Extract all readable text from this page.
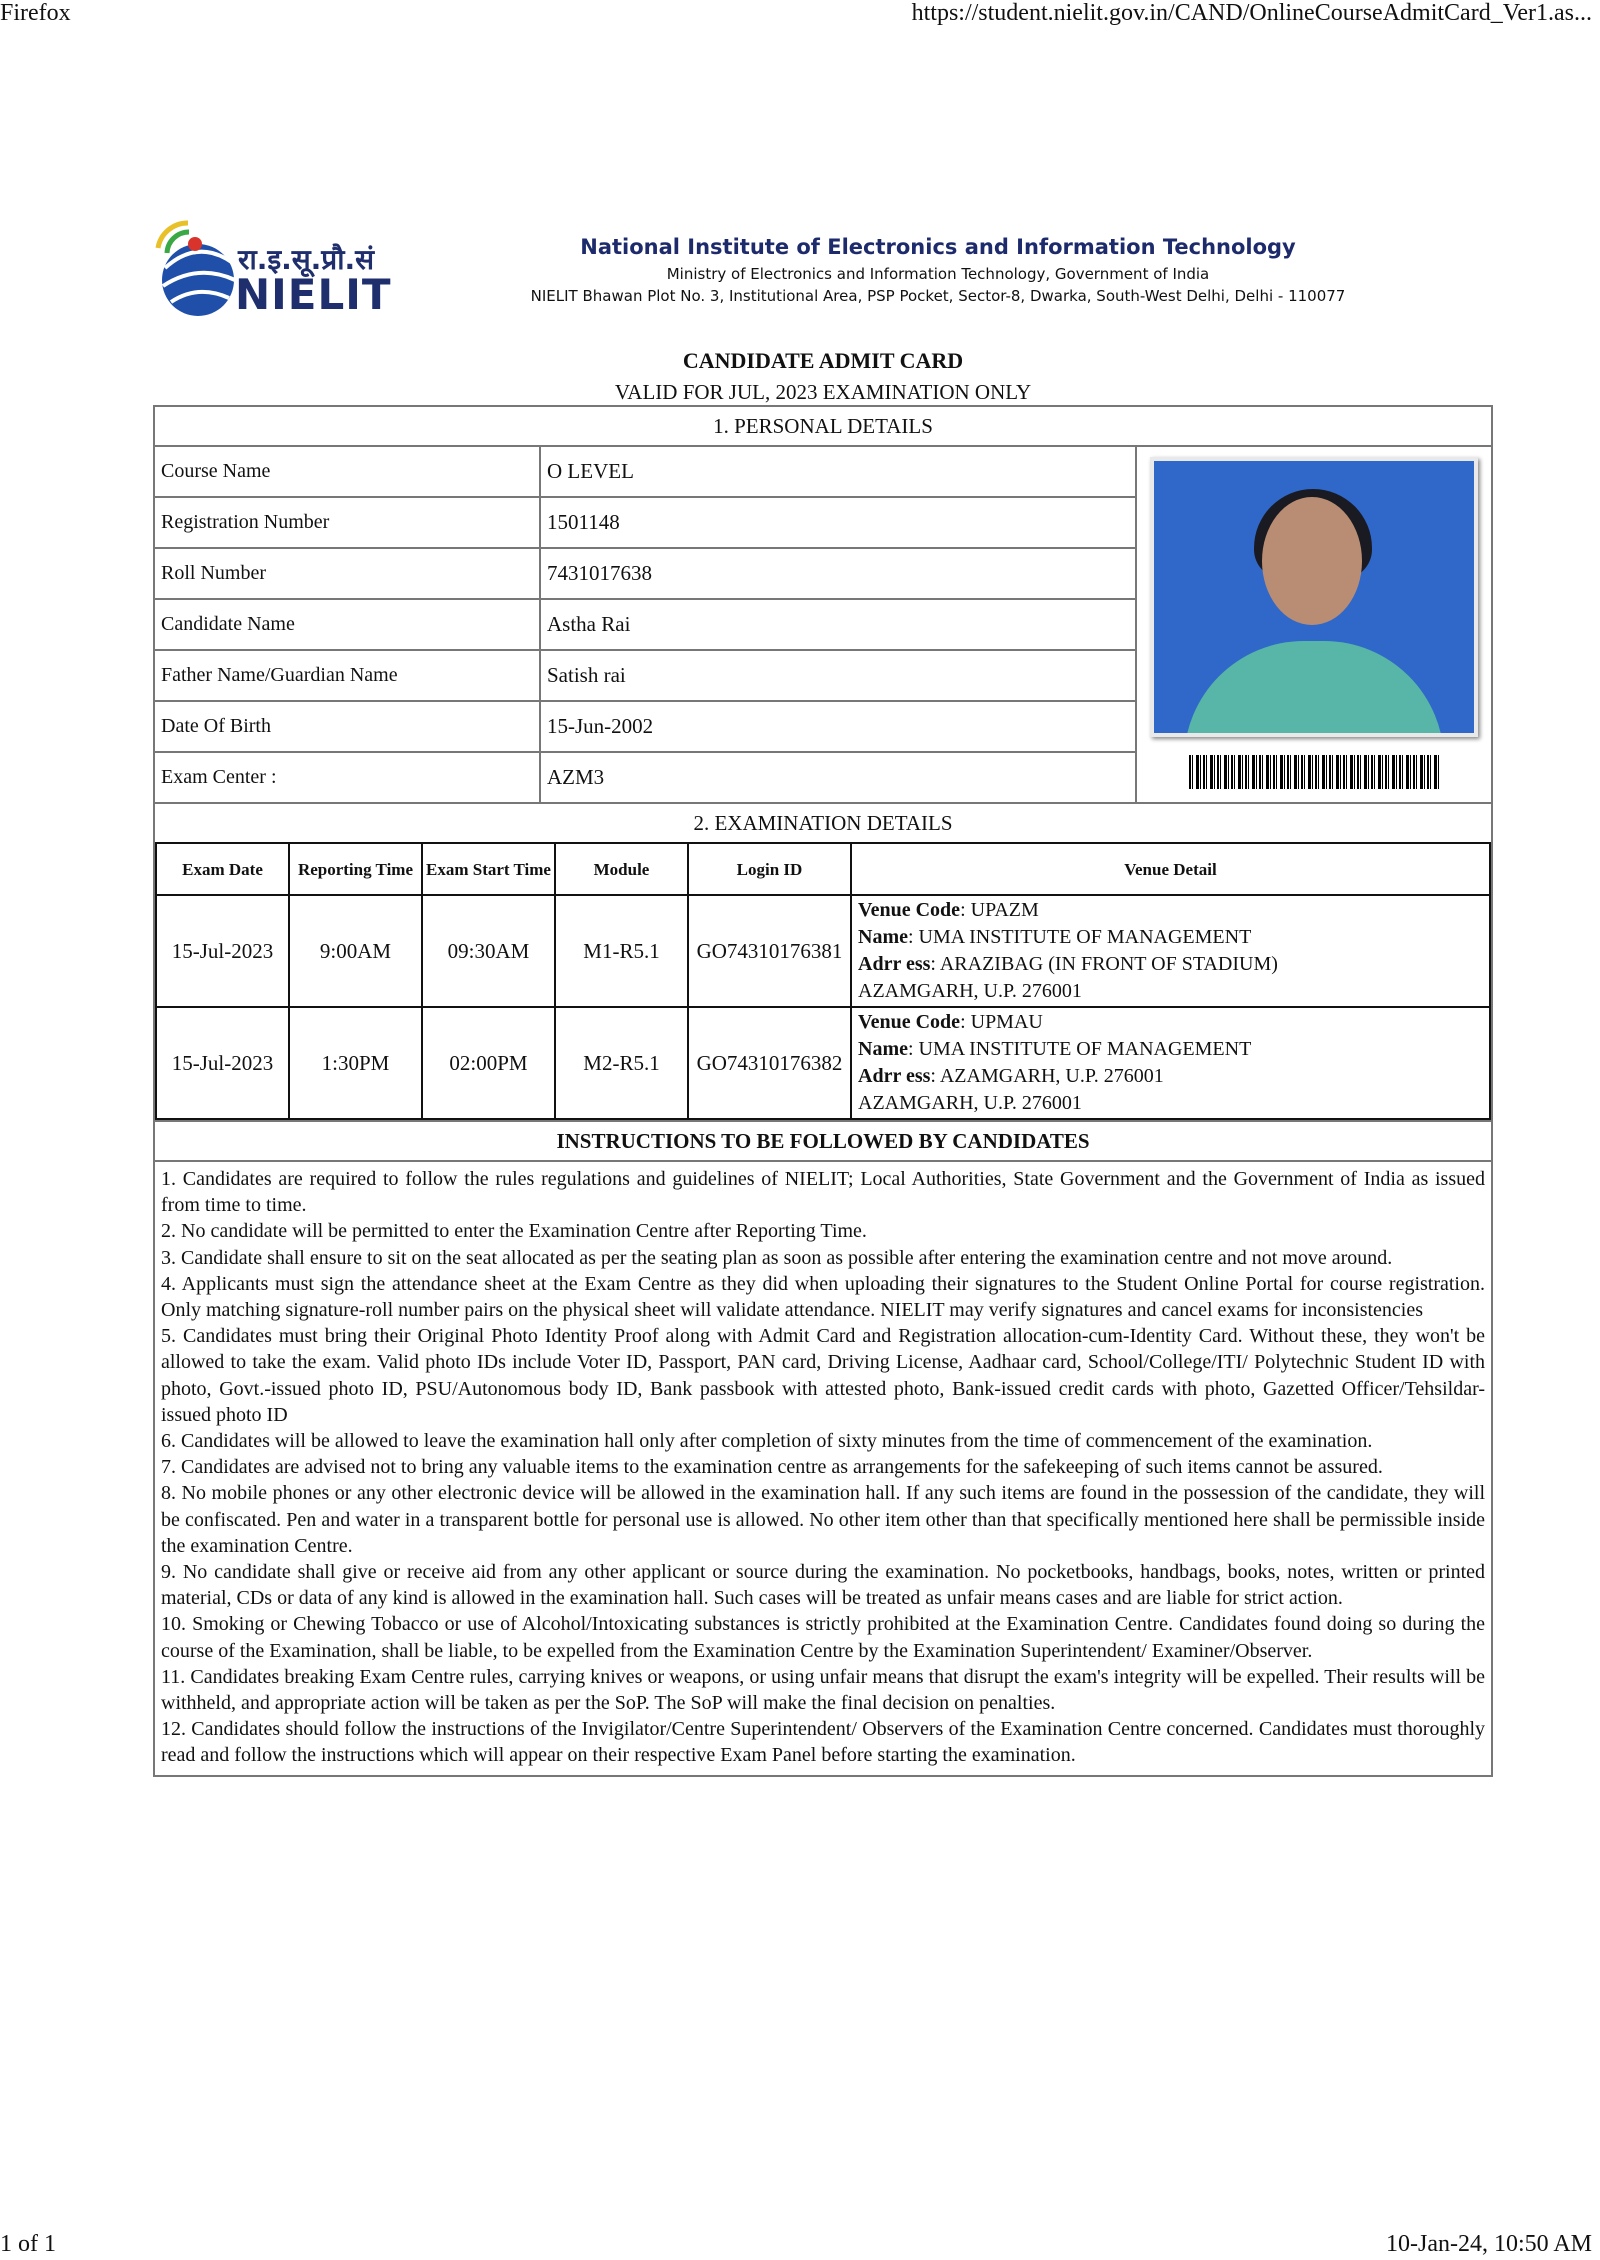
Firefox	https://student.nielit.gov.in/CAND/OnlineCourseAdmitCard_Ver1.as...
रा.इ.सू.प्रौ.सं
NIELIT
National Institute of Electronics and Information Technology
Ministry of Electronics and Information Technology, Government of India
NIELIT Bhawan Plot No. 3, Institutional Area, PSP Pocket, Sector-8, Dwarka, South-West Delhi, Delhi - 110077
CANDIDATE ADMIT CARD
VALID FOR JUL, 2023 EXAMINATION ONLY
1. PERSONAL DETAILS
Course Name	O LEVEL
Registration Number	1501148
Roll Number	7431017638
Candidate Name	Astha Rai
Father Name/Guardian Name	Satish rai
Date Of Birth	15-Jun-2002
Exam Center :	AZM3
2. EXAMINATION DETAILS
Exam Date	Reporting Time	Exam Start Time	Module	Login ID	Venue Detail
15-Jul-2023	9:00AM	09:30AM	M1-R5.1	GO74310176381	Venue Code: UPAZM
Name: UMA INSTITUTE OF MANAGEMENT
Adrr ess: ARAZIBAG (IN FRONT OF STADIUM)
AZAMGARH, U.P. 276001

15-Jul-2023	1:30PM	02:00PM	M2-R5.1	GO74310176382	Venue Code: UPMAU
Name: UMA INSTITUTE OF MANAGEMENT
Adrr ess: AZAMGARH, U.P. 276001
AZAMGARH, U.P. 276001
INSTRUCTIONS TO BE FOLLOWED BY CANDIDATES
1. Candidates are required to follow the rules regulations and guidelines of NIELIT; Local Authorities, State Government and the Government of India as issued from time to time.
2. No candidate will be permitted to enter the Examination Centre after Reporting Time.
3. Candidate shall ensure to sit on the seat allocated as per the seating plan as soon as possible after entering the examination centre and not move around.
4. Applicants must sign the attendance sheet at the Exam Centre as they did when uploading their signatures to the Student Online Portal for course registration. Only matching signature-roll number pairs on the physical sheet will validate attendance. NIELIT may verify signatures and cancel exams for inconsistencies
5. Candidates must bring their Original Photo Identity Proof along with Admit Card and Registration allocation-cum-Identity Card. Without these, they won't be allowed to take the exam. Valid photo IDs include Voter ID, Passport, PAN card, Driving License, Aadhaar card, School/College/ITI/ Polytechnic Student ID with photo, Govt.-issued photo ID, PSU/Autonomous body ID, Bank passbook with attested photo, Bank-issued credit cards with photo, Gazetted Officer/Tehsildar-issued photo ID
6. Candidates will be allowed to leave the examination hall only after completion of sixty minutes from the time of commencement of the examination.
7. Candidates are advised not to bring any valuable items to the examination centre as arrangements for the safekeeping of such items cannot be assured.
8. No mobile phones or any other electronic device will be allowed in the examination hall. If any such items are found in the possession of the candidate, they will be confiscated. Pen and water in a transparent bottle for personal use is allowed. No other item other than that specifically mentioned here shall be permissible inside the examination Centre.
9. No candidate shall give or receive aid from any other applicant or source during the examination. No pocketbooks, handbags, books, notes, written or printed material, CDs or data of any kind is allowed in the examination hall. Such cases will be treated as unfair means cases and are liable for strict action.
10. Smoking or Chewing Tobacco or use of Alcohol/Intoxicating substances is strictly prohibited at the Examination Centre. Candidates found doing so during the course of the Examination, shall be liable, to be expelled from the Examination Centre by the Examination Superintendent/ Examiner/Observer.
11. Candidates breaking Exam Centre rules, carrying knives or weapons, or using unfair means that disrupt the exam's integrity will be expelled. Their results will be withheld, and appropriate action will be taken as per the SoP. The SoP will make the final decision on penalties.
12. Candidates should follow the instructions of the Invigilator/Centre Superintendent/ Observers of the Examination Centre concerned. Candidates must thoroughly read and follow the instructions which will appear on their respective Exam Panel before starting the examination.
1 of 1	10-Jan-24, 10:50 AM
